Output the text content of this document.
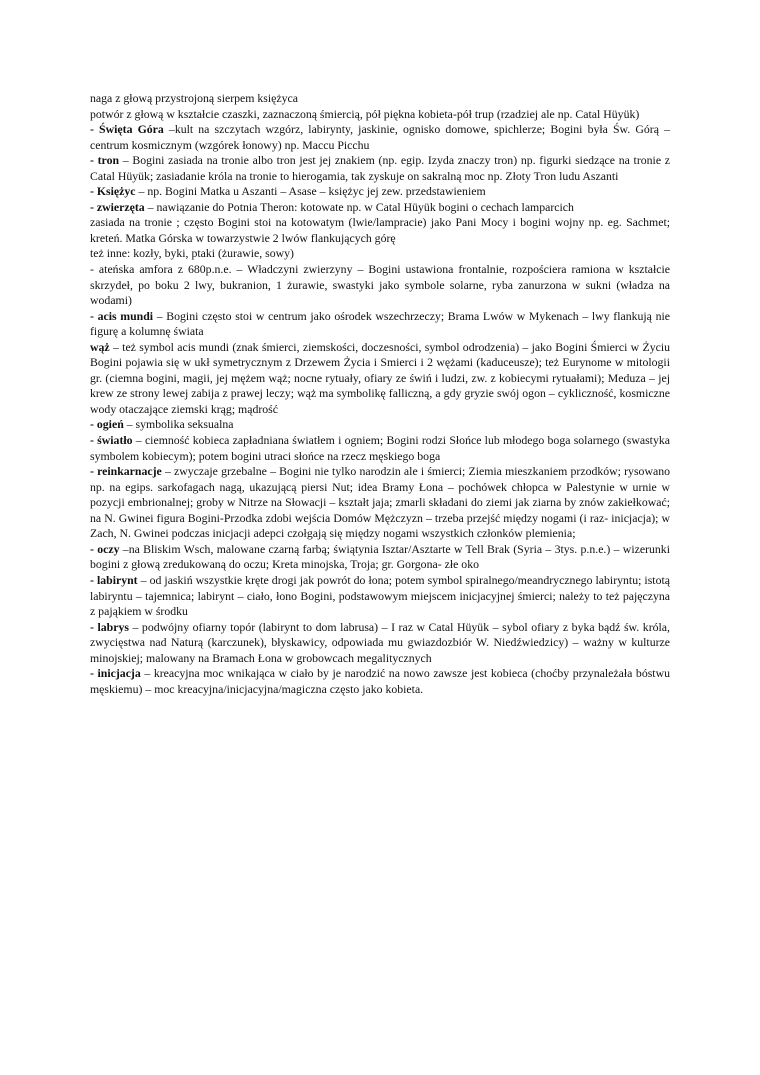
naga z głową przystrojoną sierpem księżyca
potwór z głową w kształcie czaszki, zaznaczoną śmiercią, pół piękna kobieta-pół trup (rzadziej ale np. Catal Hüyük)
- Święta Góra –kult na szczytach wzgórz, labirynty, jaskinie, ognisko domowe, spichlerze; Bogini była Św. Górą – centrum kosmicznym (wzgórek łonowy) np. Maccu Picchu
- tron – Bogini zasiada na tronie albo tron jest jej znakiem (np. egip. Izyda znaczy tron) np. figurki siedzące na tronie z Catal Hüyük; zasiadanie króla na tronie to hierogamia, tak zyskuje on sakralną moc np. Złoty Tron ludu Aszanti
- Księżyc – np. Bogini Matka u Aszanti – Asase – księżyc jej zew. przedstawieniem
- zwierzęta – nawiązanie do Potnia Theron: kotowate np. w Catal Hüyük bogini o cechach lamparcich
zasiada na tronie ; często Bogini stoi na kotowatym (lwie/lampracie) jako Pani Mocy i bogini wojny np. eg. Sachmet; kreteń. Matka Górska w towarzystwie 2 lwów flankujących górę
też inne: kozły, byki, ptaki (żurawie, sowy)
- ateńska amfora z 680p.n.e. – Władczyni zwierzyny – Bogini ustawiona frontalnie, rozpościera ramiona w kształcie skrzydeł, po boku 2 lwy, bukranion, 1 żurawie, swastyki jako symbole solarne, ryba zanurzona w sukni (władza na wodami)
- acis mundi – Bogini często stoi w centrum jako ośrodek wszechrzeczy; Brama Lwów w Mykenach – lwy flankują nie figurę a kolumnę świata
wąż – też symbol acis mundi (znak śmierci, ziemskości, doczesności, symbol odrodzenia) – jako Bogini Śmierci w Życiu Bogini pojawia się w ukł symetrycznym z Drzewem Życia i Smierci i 2 wężami (kaduceusze); też Eurynome w mitologii gr. (ciemna bogini, magii, jej mężem wąż; nocne rytuały, ofiary ze świń i ludzi, zw. z kobiecymi rytuałami); Meduza – jej krew ze strony lewej zabija z prawej leczy; wąż ma symbolikę falliczną, a gdy gryzie swój ogon – cykliczność, kosmiczne wody otaczające ziemski krąg; mądrość
- ogień – symbolika seksualna
- światło – ciemność kobieca zapładniana światłem i ogniem; Bogini rodzi Słońce lub młodego boga solarnego (swastyka symbolem kobiecym); potem bogini utraci słońce na rzecz męskiego boga
- reinkarnacje – zwyczaje grzebalne – Bogini nie tylko narodzin ale i śmierci; Ziemia mieszkaniem przodków; rysowano np. na egips. sarkofagach nagą, ukazującą piersi Nut; idea Bramy Łona – pochówek chłopca w Palestynie w urnie w pozycji embrionalnej; groby w Nitrze na Słowacji – kształt jaja; zmarli składani do ziemi jak ziarna by znów zakiełkować; na N. Gwinei figura Bogini-Przodka zdobi wejścia Domów Mężczyzn – trzeba przejść między nogami (i raz- inicjacja); w Zach, N. Gwinei podczas inicjacji adepci czołgają się między nogami wszystkich członków plemienia;
- oczy –na Bliskim Wsch, malowane czarną farbą; świątynia Isztar/Asztarte w Tell Brak (Syria – 3tys. p.n.e.) – wizerunki bogini z głową zredukowaną do oczu; Kreta minojska, Troja; gr. Gorgona- złe oko
- labirynt – od jaskiń wszystkie kręte drogi jak powrót do łona; potem symbol spiralnego/meandrycznego labiryntu; istotą labiryntu – tajemnica; labirynt – ciało, łono Bogini, podstawowym miejscem inicjacyjnej śmierci; należy to też pajęczyna z pająkiem w środku
- labrys – podwójny ofiarny topór (labirynt to dom labrusa) – I raz w Catal Hüyük – sybol ofiary z byka bądź św. króla, zwycięstwa nad Naturą (karczunek), błyskawicy, odpowiada mu gwiazdozbiór W. Niedźwiedzicy) – ważny w kulturze minojskiej; malowany na Bramach Łona w grobowcach megalitycznych
- inicjacja – kreacyjna moc wnikająca w ciało by je narodzić na nowo zawsze jest kobieca (choćby przynależała bóstwu męskiemu) – moc kreacyjna/inicjacyjna/magiczna często jako kobieta.
